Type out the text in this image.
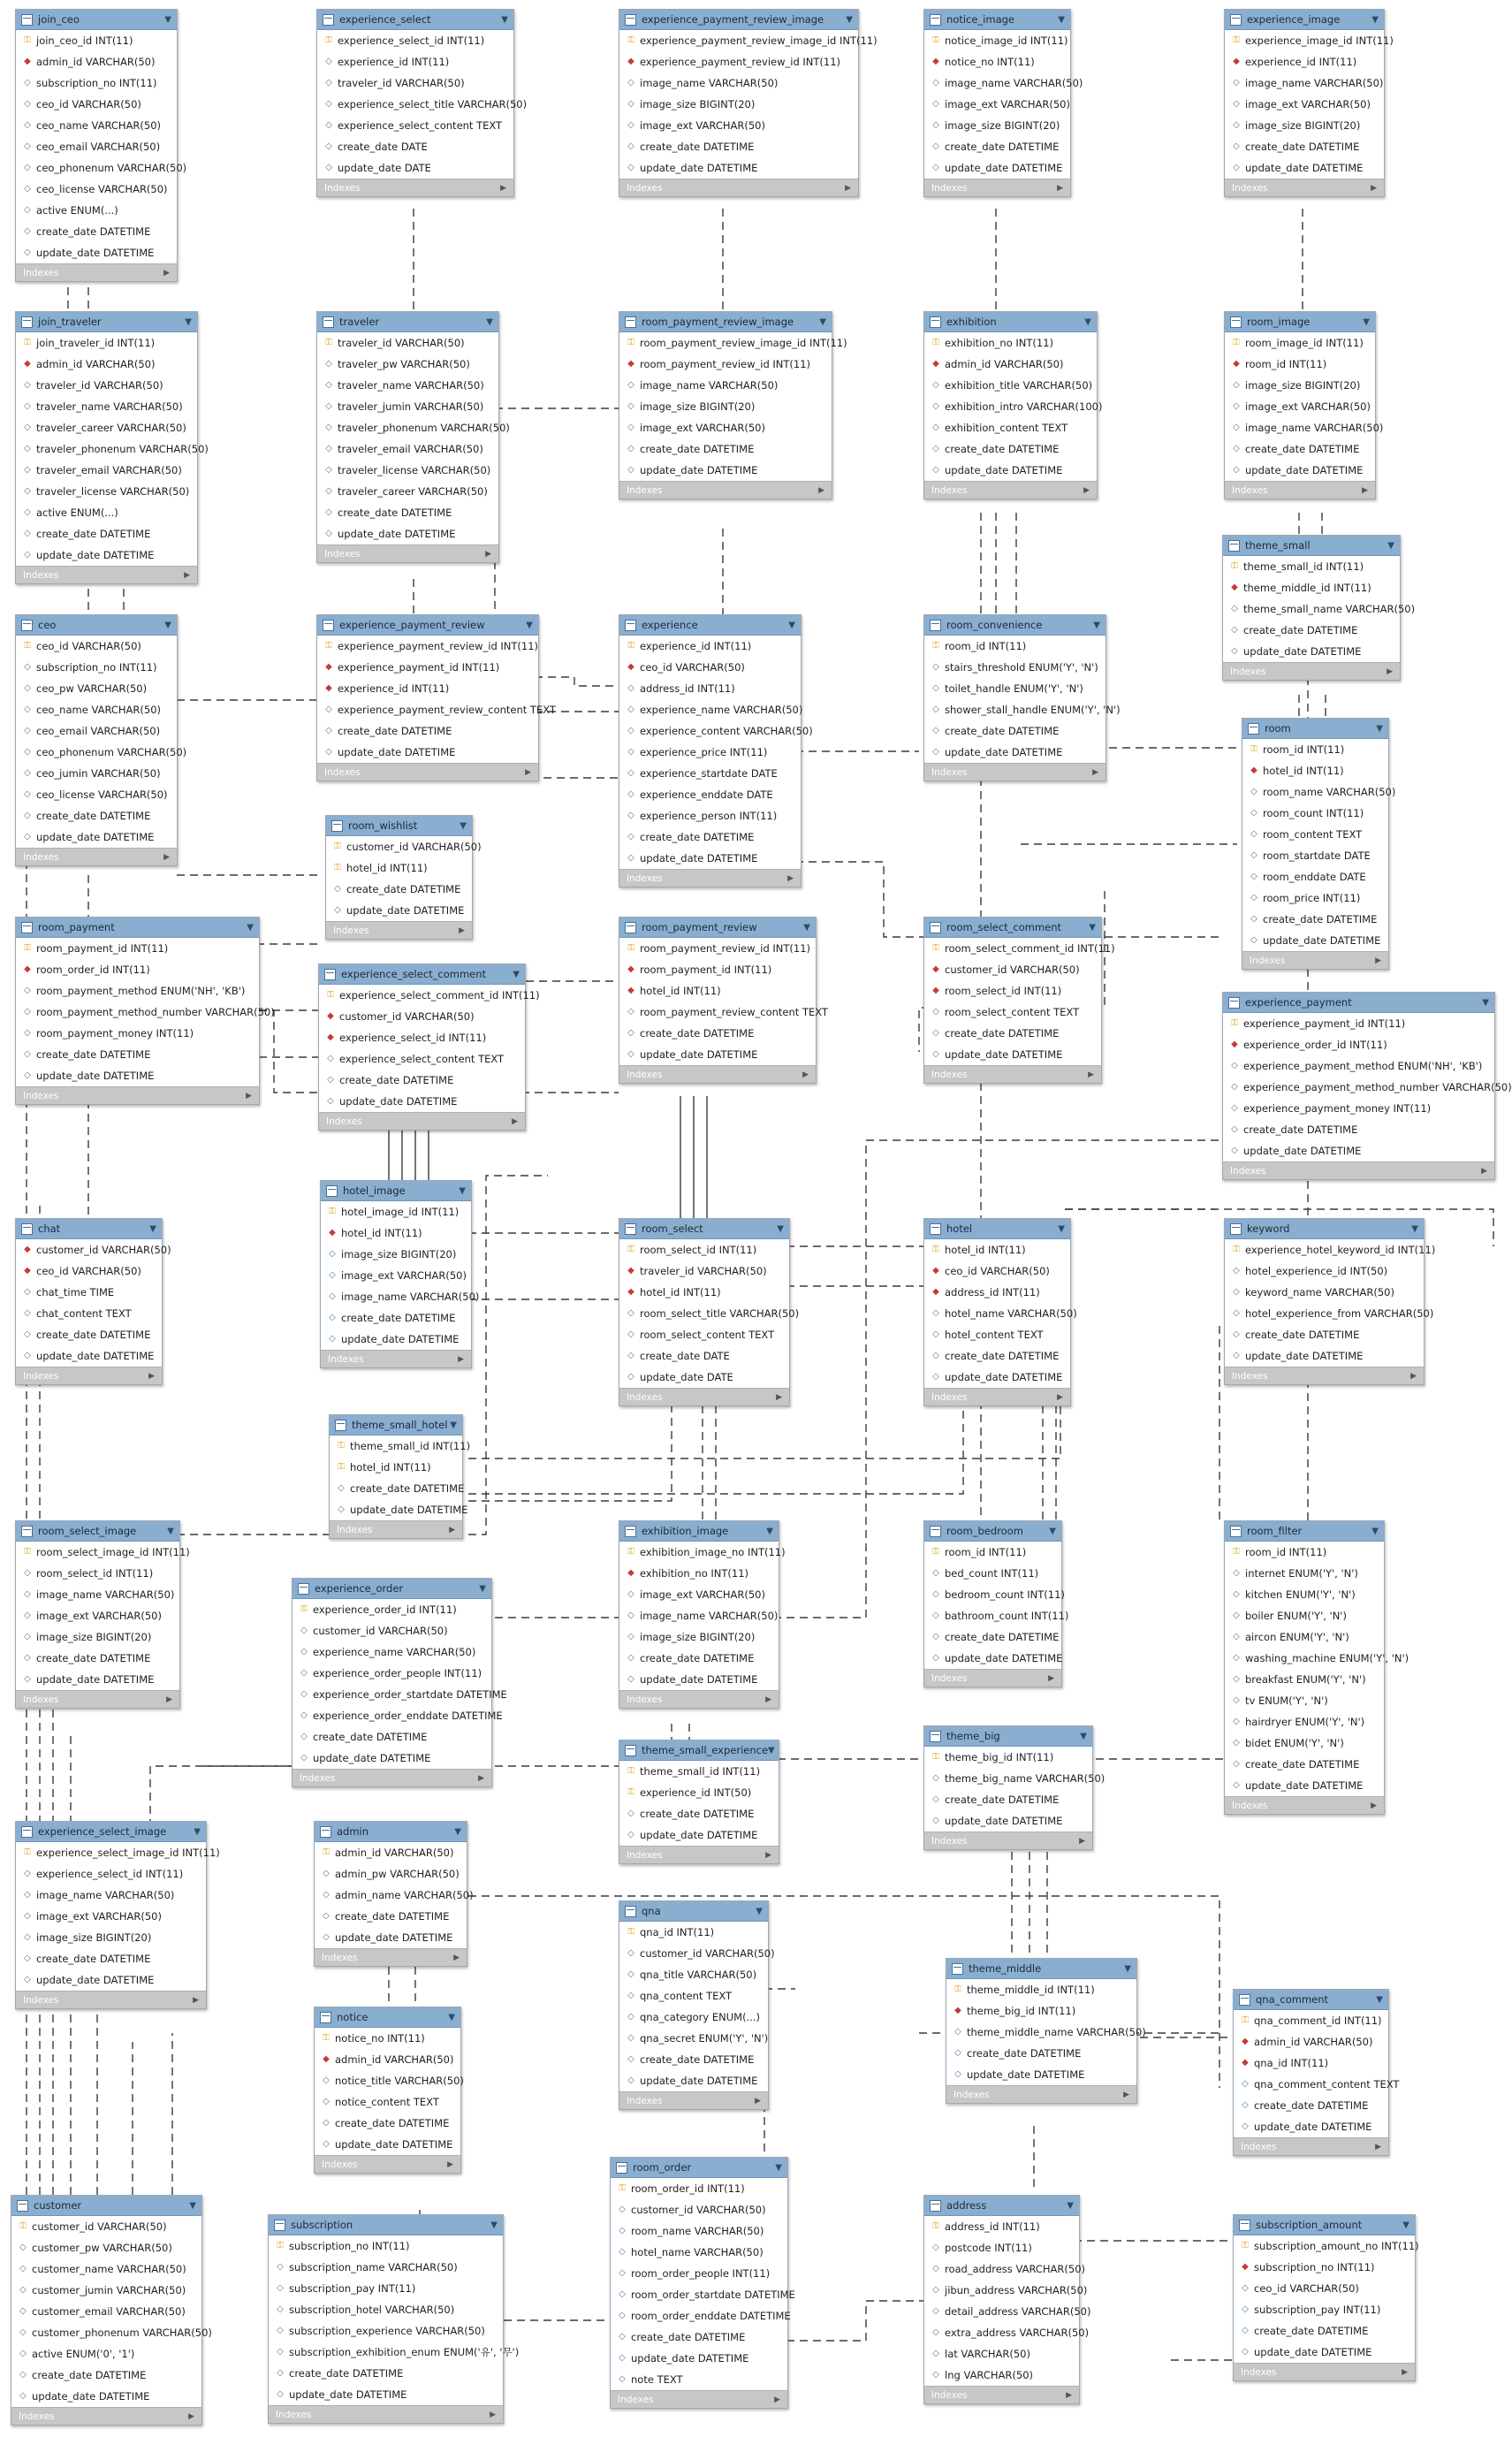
join_ceo	▼
⚿ join_ceo_id INT(11)
◆ admin_id VARCHAR(50)
◇ subscription_no INT(11)
◇ ceo_id VARCHAR(50)
◇ ceo_name VARCHAR(50)
◇ ceo_email VARCHAR(50)
◇ ceo_phonenum VARCHAR(50)
◇ ceo_license VARCHAR(50)
◇ active ENUM(...)
◇ create_date DATETIME
◇ update_date DATETIME
Indexes	▶
experience_select	▼
⚿ experience_select_id INT(11)
◇ experience_id INT(11)
◇ traveler_id VARCHAR(50)
◇ experience_select_title VARCHAR(50)
◇ experience_select_content TEXT
◇ create_date DATE
◇ update_date DATE
Indexes	▶
experience_payment_review_image	▼
⚿ experience_payment_review_image_id INT(11)
◆ experience_payment_review_id INT(11)
◇ image_name VARCHAR(50)
◇ image_size BIGINT(20)
◇ image_ext VARCHAR(50)
◇ create_date DATETIME
◇ update_date DATETIME
Indexes	▶
notice_image	▼
⚿ notice_image_id INT(11)
◆ notice_no INT(11)
◇ image_name VARCHAR(50)
◇ image_ext VARCHAR(50)
◇ image_size BIGINT(20)
◇ create_date DATETIME
◇ update_date DATETIME
Indexes	▶
experience_image	▼
⚿ experience_image_id INT(11)
◆ experience_id INT(11)
◇ image_name VARCHAR(50)
◇ image_ext VARCHAR(50)
◇ image_size BIGINT(20)
◇ create_date DATETIME
◇ update_date DATETIME
Indexes	▶
join_traveler	▼
⚿ join_traveler_id INT(11)
◆ admin_id VARCHAR(50)
◇ traveler_id VARCHAR(50)
◇ traveler_name VARCHAR(50)
◇ traveler_career VARCHAR(50)
◇ traveler_phonenum VARCHAR(50)
◇ traveler_email VARCHAR(50)
◇ traveler_license VARCHAR(50)
◇ active ENUM(...)
◇ create_date DATETIME
◇ update_date DATETIME
Indexes	▶
traveler	▼
⚿ traveler_id VARCHAR(50)
◇ traveler_pw VARCHAR(50)
◇ traveler_name VARCHAR(50)
◇ traveler_jumin VARCHAR(50)
◇ traveler_phonenum VARCHAR(50)
◇ traveler_email VARCHAR(50)
◇ traveler_license VARCHAR(50)
◇ traveler_career VARCHAR(50)
◇ create_date DATETIME
◇ update_date DATETIME
Indexes	▶
room_payment_review_image	▼
⚿ room_payment_review_image_id INT(11)
◆ room_payment_review_id INT(11)
◇ image_name VARCHAR(50)
◇ image_size BIGINT(20)
◇ image_ext VARCHAR(50)
◇ create_date DATETIME
◇ update_date DATETIME
Indexes	▶
exhibition	▼
⚿ exhibition_no INT(11)
◆ admin_id VARCHAR(50)
◇ exhibition_title VARCHAR(50)
◇ exhibition_intro VARCHAR(100)
◇ exhibition_content TEXT
◇ create_date DATETIME
◇ update_date DATETIME
Indexes	▶
room_image	▼
⚿ room_image_id INT(11)
◆ room_id INT(11)
◇ image_size BIGINT(20)
◇ image_ext VARCHAR(50)
◇ image_name VARCHAR(50)
◇ create_date DATETIME
◇ update_date DATETIME
Indexes	▶
theme_small	▼
⚿ theme_small_id INT(11)
◆ theme_middle_id INT(11)
◇ theme_small_name VARCHAR(50)
◇ create_date DATETIME
◇ update_date DATETIME
Indexes	▶
ceo	▼
⚿ ceo_id VARCHAR(50)
◇ subscription_no INT(11)
◇ ceo_pw VARCHAR(50)
◇ ceo_name VARCHAR(50)
◇ ceo_email VARCHAR(50)
◇ ceo_phonenum VARCHAR(50)
◇ ceo_jumin VARCHAR(50)
◇ ceo_license VARCHAR(50)
◇ create_date DATETIME
◇ update_date DATETIME
Indexes	▶
experience_payment_review	▼
⚿ experience_payment_review_id INT(11)
◆ experience_payment_id INT(11)
◆ experience_id INT(11)
◇ experience_payment_review_content TEXT
◇ create_date DATETIME
◇ update_date DATETIME
Indexes	▶
experience	▼
⚿ experience_id INT(11)
◆ ceo_id VARCHAR(50)
◇ address_id INT(11)
◇ experience_name VARCHAR(50)
◇ experience_content VARCHAR(50)
◇ experience_price INT(11)
◇ experience_startdate DATE
◇ experience_enddate DATE
◇ experience_person INT(11)
◇ create_date DATETIME
◇ update_date DATETIME
Indexes	▶
room_convenience	▼
⚿ room_id INT(11)
◇ stairs_threshold ENUM('Y', 'N')
◇ toilet_handle ENUM('Y', 'N')
◇ shower_stall_handle ENUM('Y', 'N')
◇ create_date DATETIME
◇ update_date DATETIME
Indexes	▶
room	▼
⚿ room_id INT(11)
◆ hotel_id INT(11)
◇ room_name VARCHAR(50)
◇ room_count INT(11)
◇ room_content TEXT
◇ room_startdate DATE
◇ room_enddate DATE
◇ room_price INT(11)
◇ create_date DATETIME
◇ update_date DATETIME
Indexes	▶
room_wishlist	▼
⚿ customer_id VARCHAR(50)
⚿ hotel_id INT(11)
◇ create_date DATETIME
◇ update_date DATETIME
Indexes	▶
room_payment	▼
⚿ room_payment_id INT(11)
◆ room_order_id INT(11)
◇ room_payment_method ENUM('NH', 'KB')
◇ room_payment_method_number VARCHAR(50)
◇ room_payment_money INT(11)
◇ create_date DATETIME
◇ update_date DATETIME
Indexes	▶
experience_select_comment	▼
⚿ experience_select_comment_id INT(11)
◆ customer_id VARCHAR(50)
◆ experience_select_id INT(11)
◇ experience_select_content TEXT
◇ create_date DATETIME
◇ update_date DATETIME
Indexes	▶
room_payment_review	▼
⚿ room_payment_review_id INT(11)
◆ room_payment_id INT(11)
◆ hotel_id INT(11)
◇ room_payment_review_content TEXT
◇ create_date DATETIME
◇ update_date DATETIME
Indexes	▶
room_select_comment	▼
⚿ room_select_comment_id INT(11)
◆ customer_id VARCHAR(50)
◆ room_select_id INT(11)
◇ room_select_content TEXT
◇ create_date DATETIME
◇ update_date DATETIME
Indexes	▶
experience_payment	▼
⚿ experience_payment_id INT(11)
◆ experience_order_id INT(11)
◇ experience_payment_method ENUM('NH', 'KB')
◇ experience_payment_method_number VARCHAR(50)
◇ experience_payment_money INT(11)
◇ create_date DATETIME
◇ update_date DATETIME
Indexes	▶
chat	▼
◆ customer_id VARCHAR(50)
◆ ceo_id VARCHAR(50)
◇ chat_time TIME
◇ chat_content TEXT
◇ create_date DATETIME
◇ update_date DATETIME
Indexes	▶
hotel_image	▼
⚿ hotel_image_id INT(11)
◆ hotel_id INT(11)
◇ image_size BIGINT(20)
◇ image_ext VARCHAR(50)
◇ image_name VARCHAR(50)
◇ create_date DATETIME
◇ update_date DATETIME
Indexes	▶
room_select	▼
⚿ room_select_id INT(11)
◆ traveler_id VARCHAR(50)
◆ hotel_id INT(11)
◇ room_select_title VARCHAR(50)
◇ room_select_content TEXT
◇ create_date DATE
◇ update_date DATE
Indexes	▶
hotel	▼
⚿ hotel_id INT(11)
◆ ceo_id VARCHAR(50)
◆ address_id INT(11)
◇ hotel_name VARCHAR(50)
◇ hotel_content TEXT
◇ create_date DATETIME
◇ update_date DATETIME
Indexes	▶
keyword	▼
⚿ experience_hotel_keyword_id INT(11)
◇ hotel_experience_id INT(50)
◇ keyword_name VARCHAR(50)
◇ hotel_experience_from VARCHAR(50)
◇ create_date DATETIME
◇ update_date DATETIME
Indexes	▶
theme_small_hotel ▼
⚿ theme_small_id INT(11)
⚿ hotel_id INT(11)
◇ create_date DATETIME
◇ update_date DATETIME
Indexes	▶
room_select_image	▼
⚿ room_select_image_id INT(11)
◇ room_select_id INT(11)
◇ image_name VARCHAR(50)
◇ image_ext VARCHAR(50)
◇ image_size BIGINT(20)
◇ create_date DATETIME
◇ update_date DATETIME
Indexes	▶
experience_order	▼
⚿ experience_order_id INT(11)
◇ customer_id VARCHAR(50)
◇ experience_name VARCHAR(50)
◇ experience_order_people INT(11)
◇ experience_order_startdate DATETIME
◇ experience_order_enddate DATETIME
◇ create_date DATETIME
◇ update_date DATETIME
Indexes	▶
exhibition_image	▼
⚿ exhibition_image_no INT(11)
◆ exhibition_no INT(11)
◇ image_ext VARCHAR(50)
◇ image_name VARCHAR(50)
◇ image_size BIGINT(20)
◇ create_date DATETIME
◇ update_date DATETIME
Indexes	▶
room_bedroom	▼
⚿ room_id INT(11)
◇ bed_count INT(11)
◇ bedroom_count INT(11)
◇ bathroom_count INT(11)
◇ create_date DATETIME
◇ update_date DATETIME
Indexes	▶
room_filter	▼
⚿ room_id INT(11)
◇ internet ENUM('Y', 'N')
◇ kitchen ENUM('Y', 'N')
◇ boiler ENUM('Y', 'N')
◇ aircon ENUM('Y', 'N')
◇ washing_machine ENUM('Y', 'N')
◇ breakfast ENUM('Y', 'N')
◇ tv ENUM('Y', 'N')
◇ hairdryer ENUM('Y', 'N')
◇ bidet ENUM('Y', 'N')
◇ create_date DATETIME
◇ update_date DATETIME
Indexes	▶
theme_small_experience ▼
⚿ theme_small_id INT(11)
⚿ experience_id INT(50)
◇ create_date DATETIME
◇ update_date DATETIME
Indexes	▶
theme_big	▼
⚿ theme_big_id INT(11)
◇ theme_big_name VARCHAR(50)
◇ create_date DATETIME
◇ update_date DATETIME
Indexes	▶
experience_select_image	▼
⚿ experience_select_image_id INT(11)
◇ experience_select_id INT(11)
◇ image_name VARCHAR(50)
◇ image_ext VARCHAR(50)
◇ image_size BIGINT(20)
◇ create_date DATETIME
◇ update_date DATETIME
Indexes	▶
admin	▼
⚿ admin_id VARCHAR(50)
◇ admin_pw VARCHAR(50)
◇ admin_name VARCHAR(50)
◇ create_date DATETIME
◇ update_date DATETIME
Indexes	▶
qna	▼
⚿ qna_id INT(11)
◇ customer_id VARCHAR(50)
◇ qna_title VARCHAR(50)
◇ qna_content TEXT
◇ qna_category ENUM(...)
◇ qna_secret ENUM('Y', 'N')
◇ create_date DATETIME
◇ update_date DATETIME
Indexes	▶
theme_middle	▼
⚿ theme_middle_id INT(11)
◆ theme_big_id INT(11)
◇ theme_middle_name VARCHAR(50)
◇ create_date DATETIME
◇ update_date DATETIME
Indexes	▶
qna_comment	▼
⚿ qna_comment_id INT(11)
◆ admin_id VARCHAR(50)
◆ qna_id INT(11)
◇ qna_comment_content TEXT
◇ create_date DATETIME
◇ update_date DATETIME
Indexes	▶
notice	▼
⚿ notice_no INT(11)
◆ admin_id VARCHAR(50)
◇ notice_title VARCHAR(50)
◇ notice_content TEXT
◇ create_date DATETIME
◇ update_date DATETIME
Indexes	▶
customer	▼
⚿ customer_id VARCHAR(50)
◇ customer_pw VARCHAR(50)
◇ customer_name VARCHAR(50)
◇ customer_jumin VARCHAR(50)
◇ customer_email VARCHAR(50)
◇ customer_phonenum VARCHAR(50)
◇ active ENUM('0', '1')
◇ create_date DATETIME
◇ update_date DATETIME
Indexes	▶
subscription	▼
⚿ subscription_no INT(11)
◇ subscription_name VARCHAR(50)
◇ subscription_pay INT(11)
◇ subscription_hotel VARCHAR(50)
◇ subscription_experience VARCHAR(50)
◇ subscription_exhibition_enum ENUM('유', '무')
◇ create_date DATETIME
◇ update_date DATETIME
Indexes	▶
room_order	▼
⚿ room_order_id INT(11)
◇ customer_id VARCHAR(50)
◇ room_name VARCHAR(50)
◇ hotel_name VARCHAR(50)
◇ room_order_people INT(11)
◇ room_order_startdate DATETIME
◇ room_order_enddate DATETIME
◇ create_date DATETIME
◇ update_date DATETIME
◇ note TEXT
Indexes	▶
address	▼
⚿ address_id INT(11)
◇ postcode INT(11)
◇ road_address VARCHAR(50)
◇ jibun_address VARCHAR(50)
◇ detail_address VARCHAR(50)
◇ extra_address VARCHAR(50)
◇ lat VARCHAR(50)
◇ lng VARCHAR(50)
Indexes	▶
subscription_amount	▼
⚿ subscription_amount_no INT(11)
◆ subscription_no INT(11)
◇ ceo_id VARCHAR(50)
◇ subscription_pay INT(11)
◇ create_date DATETIME
◇ update_date DATETIME
Indexes	▶
